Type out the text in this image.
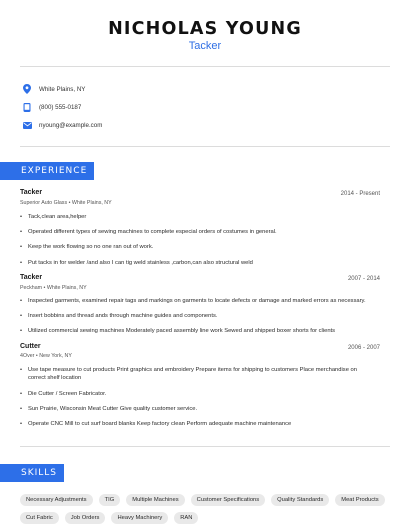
NICHOLAS YOUNG
Tacker
White Plains, NY
(800) 555-0187
nyoung@example.com
EXPERIENCE
Tacker	2014 - Present
Superior Auto Glass • White Plains, NY
• Tack,clean area,helper
• Operated different types of sewing machines to complete especial orders of costumes in general.
• Keep the work flowing so no one ran out of work.
• Put tacks in for welder /and also I can tig weld stainless ,carbon,can also structural weld
Tacker	2007 - 2014
Peckham • White Plains, NY
• Inspected garments, examined repair tags and markings on garments to locate defects or damage and marked errors as necessary.
• Insert bobbins and thread ands through machine guides and components.
• Utilized commercial sewing machines Moderately paced assembly line work Sewed and shipped boxer shorts for clients
Cutter	2006 - 2007
4Over • New York, NY
• Use tape measure to cut products Print graphics and embroidery Prepare items for shipping to customers Place merchandise on correct shelf location
• Die Cutter / Screen Fabricator.
• Sun Prairie, Wisconsin Meat Cutter Give quality customer service.
• Operate CNC Mill to cut surf board blanks Keep factory clean Perform adequate machine maintenance
SKILLS
Necessary Adjustments	TIG	Multiple Machines	Customer Specifications	Quality Standards	Meat Products
Cut Fabric	Job Orders	Heavy Machinery	RAN
